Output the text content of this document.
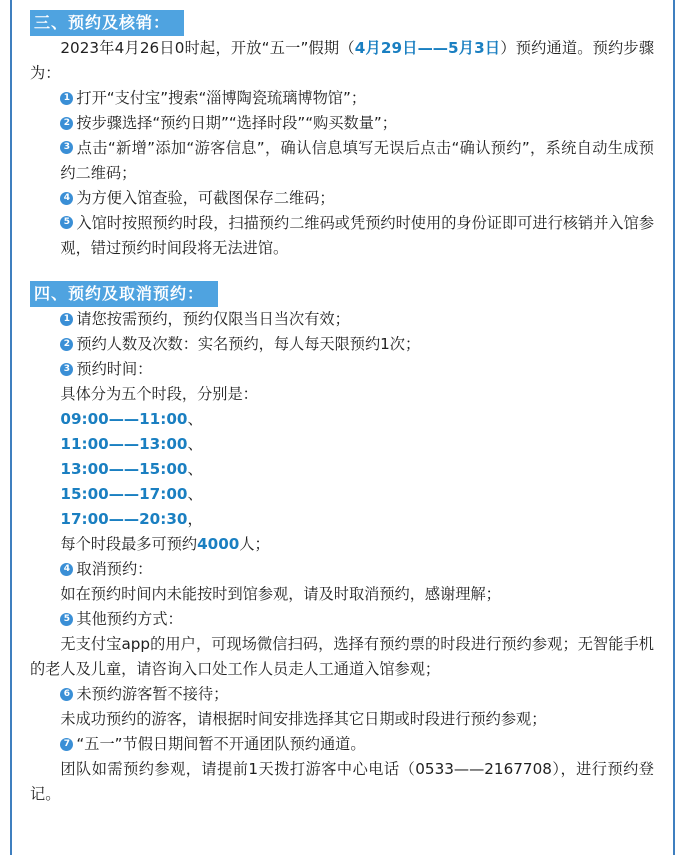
三、预约及核销：

2023年4月26日0时起，开放“五一”假期（4月29日——5月3日）预约通道。预约步骤为：

1 打开“支付宝”搜索“淄博陶瓷琉璃博物馆”；
2 按步骤选择“预约日期”“选择时段”“购买数量”；
3 点击“新增”添加“游客信息”，确认信息填写无误后点击“确认预约”，系统自动生成预约二维码；
4 为方便入馆查验，可截图保存二维码；
5 入馆时按照预约时段，扫描预约二维码或凭预约时使用的身份证即可进行核销并入馆参观，错过预约时间段将无法进馆。
四、预约及取消预约：
1 请您按需预约，预约仅限当日当次有效；
2 预约人数及次数：实名预约，每人每天限预约1次；
3 预约时间：

具体分为五个时段，分别是：

09:00——11:00、

11:00——13:00、

13:00——15:00、

15:00——17:00、

17:00——20:30，

每个时段最多可预约4000人；

4 取消预约：

如在预约时间内未能按时到馆参观，请及时取消预约，感谢理解；

5 其他预约方式：

无支付宝app的用户，可现场微信扫码，选择有预约票的时段进行预约参观；无智能手机的老人及儿童，请咨询入口处工作人员走人工通道入馆参观；

6 未预约游客暂不接待；

未成功预约的游客，请根据时间安排选择其它日期或时段进行预约参观；

7 “五一”节假日期间暂不开通团队预约通道。

团队如需预约参观，请提前1天拨打游客中心电话（0533——2167708），进行预约登记。
